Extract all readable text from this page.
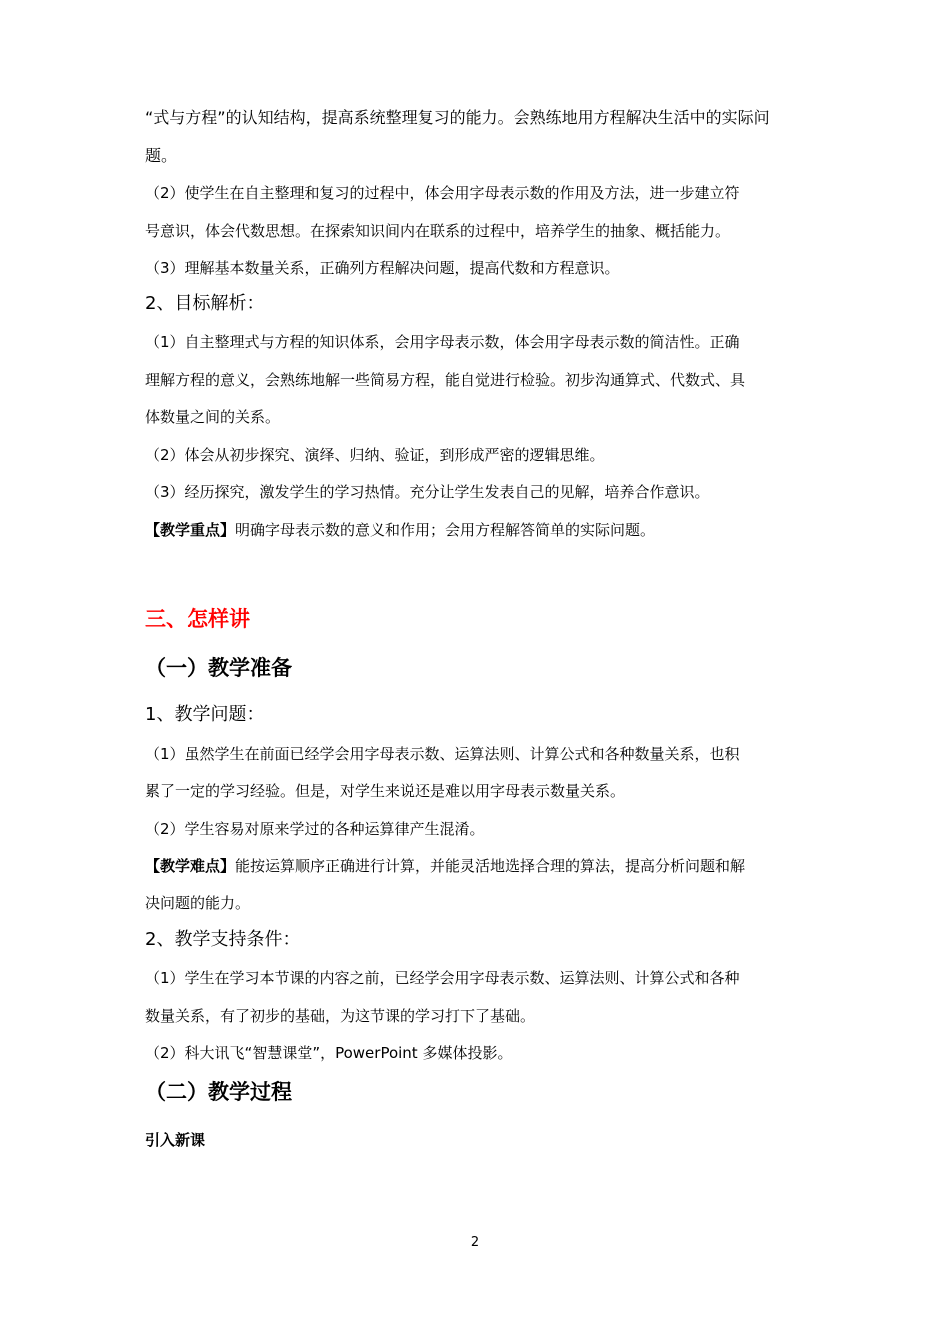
“式与方程”的认知结构，提高系统整理复习的能力。会熟练地用方程解决生活中的实际问
题。
（2）使学生在自主整理和复习的过程中，体会用字母表示数的作用及方法，进一步建立符
号意识，体会代数思想。在探索知识间内在联系的过程中，培养学生的抽象、概括能力。
（3）理解基本数量关系，正确列方程解决问题，提高代数和方程意识。
2、目标解析：
（1）自主整理式与方程的知识体系，会用字母表示数，体会用字母表示数的简洁性。正确
理解方程的意义，会熟练地解一些简易方程，能自觉进行检验。初步沟通算式、代数式、具
体数量之间的关系。
（2）体会从初步探究、演绎、归纳、验证，到形成严密的逻辑思维。
（3）经历探究，激发学生的学习热情。充分让学生发表自己的见解，培养合作意识。
【教学重点】明确字母表示数的意义和作用；会用方程解答简单的实际问题。
三、怎样讲
（一）教学准备
1、教学问题：
（1）虽然学生在前面已经学会用字母表示数、运算法则、计算公式和各种数量关系，也积
累了一定的学习经验。但是，对学生来说还是难以用字母表示数量关系。
（2）学生容易对原来学过的各种运算律产生混淆。
【教学难点】能按运算顺序正确进行计算，并能灵活地选择合理的算法，提高分析问题和解
决问题的能力。
2、教学支持条件：
（1）学生在学习本节课的内容之前，已经学会用字母表示数、运算法则、计算公式和各种
数量关系，有了初步的基础，为这节课的学习打下了基础。
（2）科大讯飞“智慧课堂”，PowerPoint 多媒体投影。
（二）教学过程
引入新课
2
